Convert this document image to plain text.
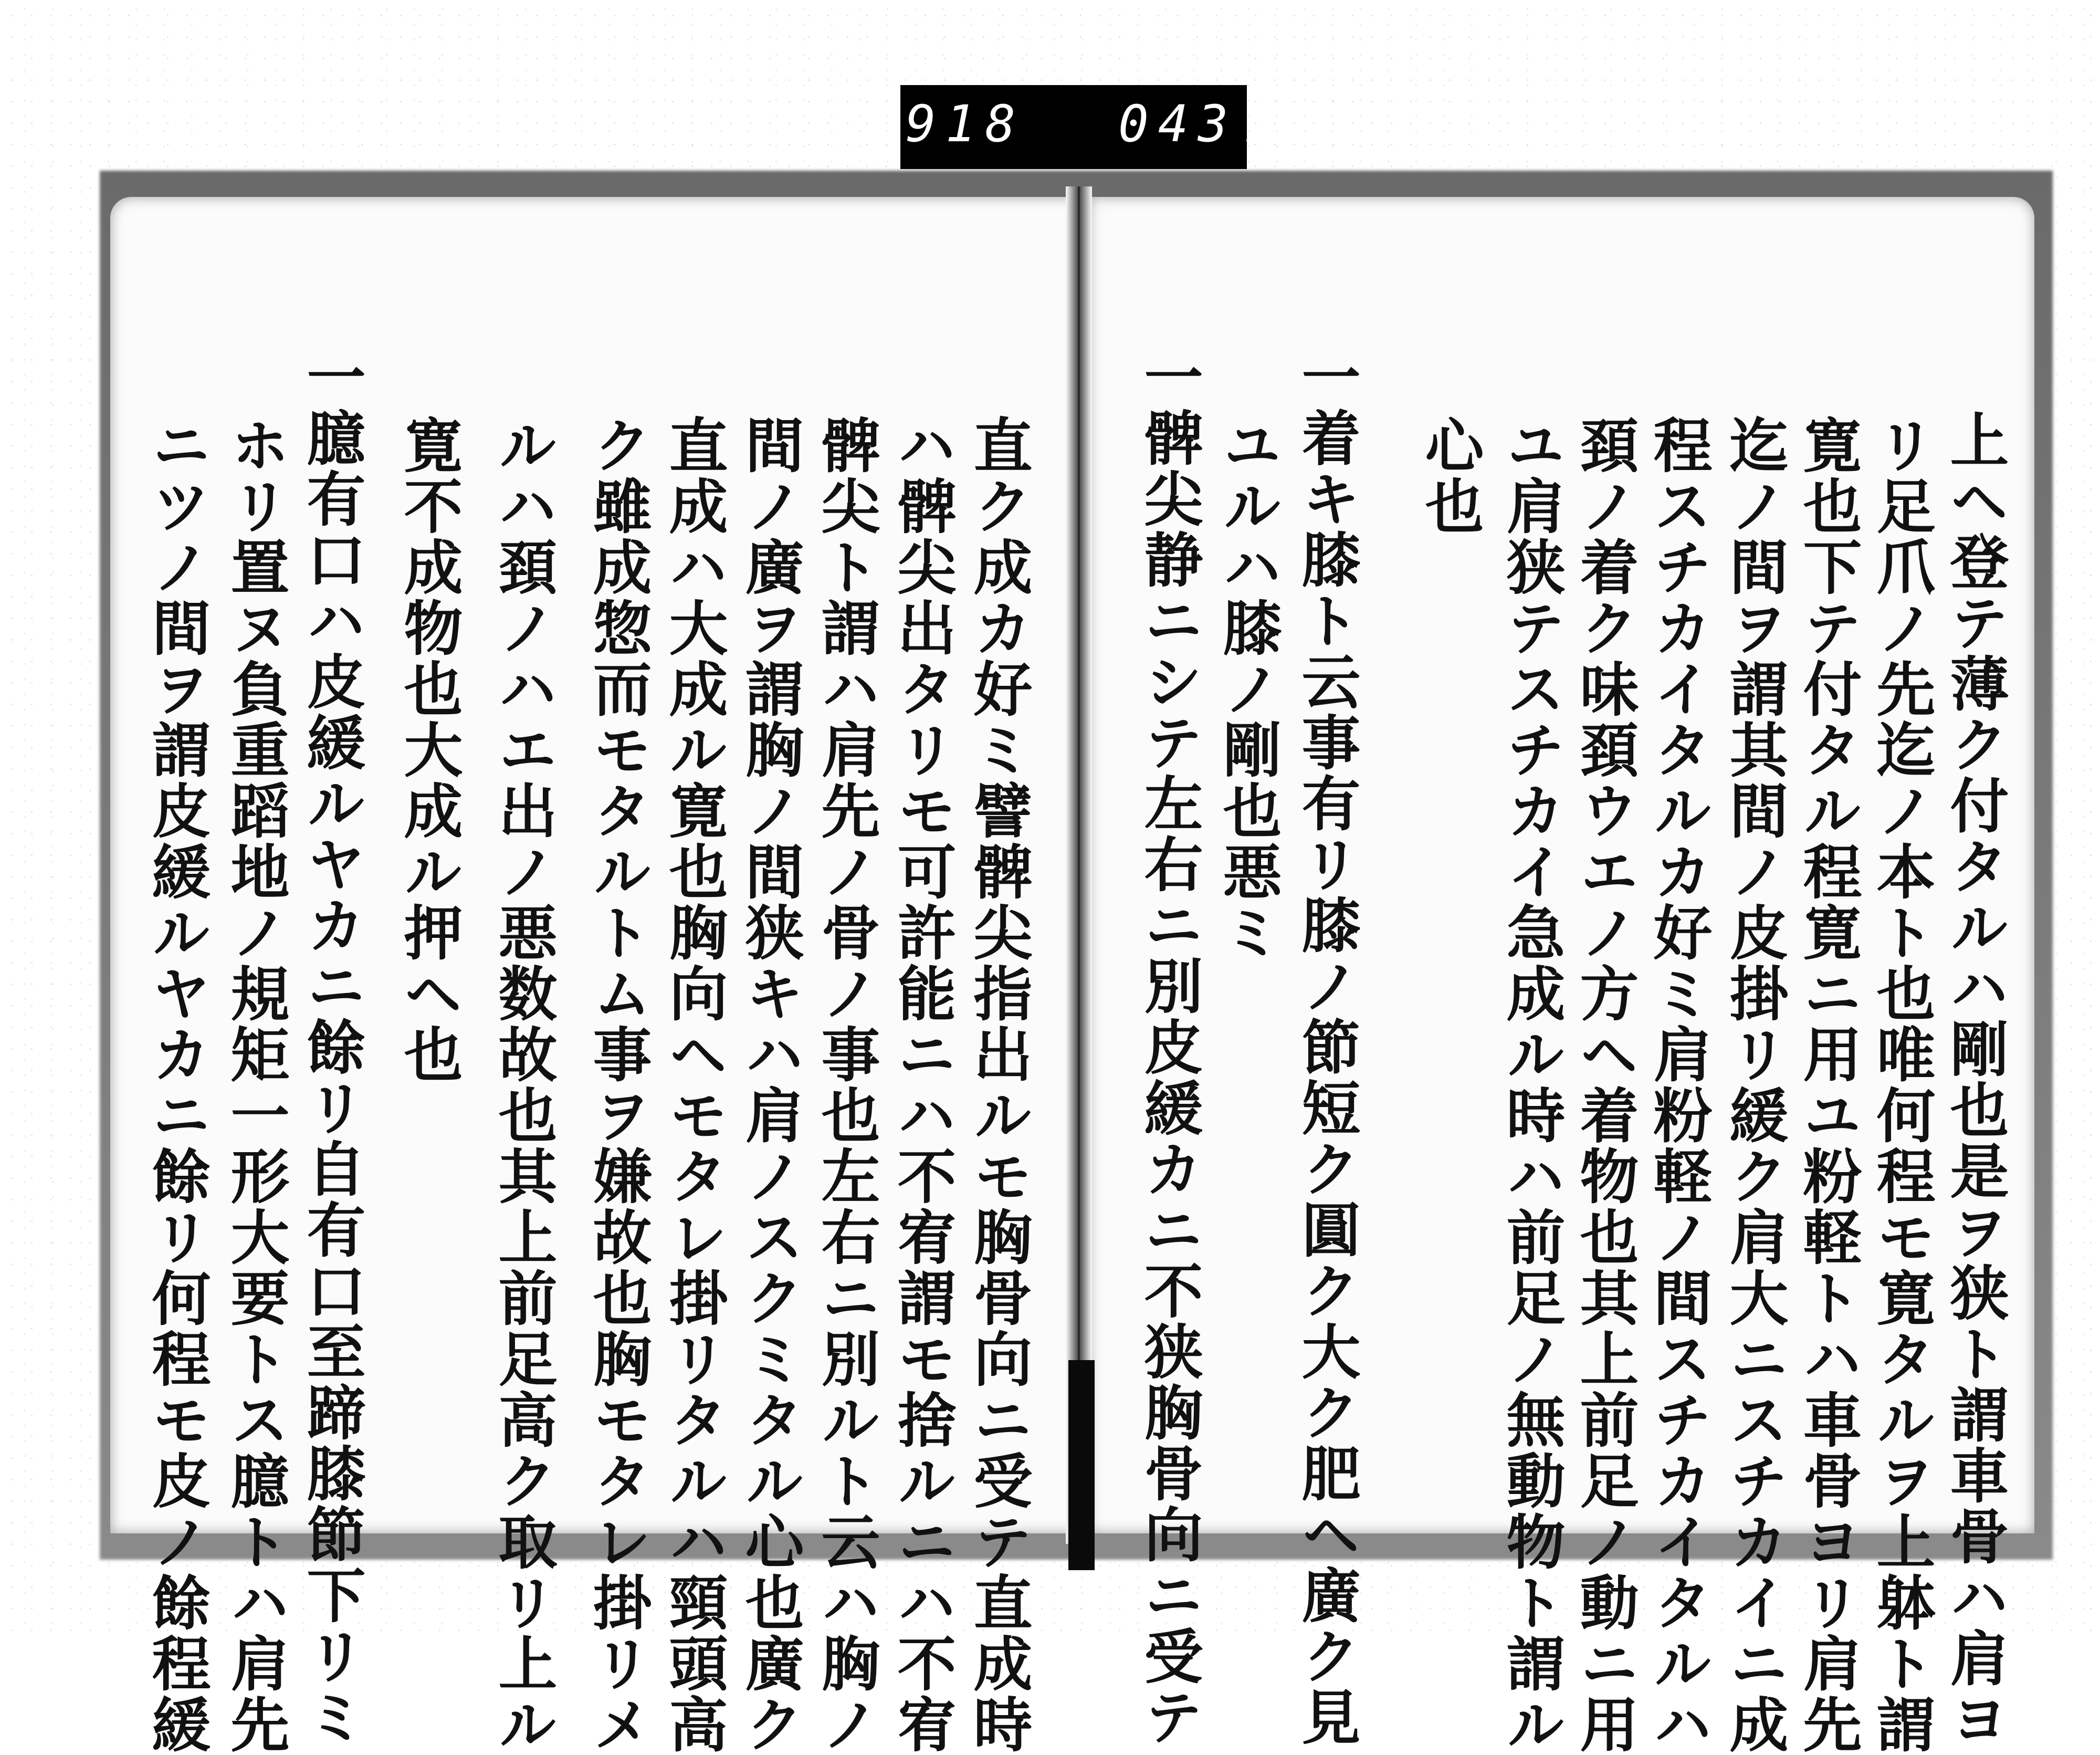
918 043.
上ヘ登テ薄ク付タルハ剛也是ヲ狭ト謂車骨ハ肩ヨ
リ足爪ノ先迄ノ本ト也唯何程モ寛タルヲ上躰ト謂
寛也下テ付タル程寛ニ用ユ粉軽トハ車骨ヨリ肩先
迄ノ間ヲ謂其間ノ皮掛リ緩ク肩大ニスチカイニ成
程スチカイタルカ好ミ肩粉軽ノ間スチカイタルハ
頚ノ着ク味頚ウエノ方ヘ着物也其上前足ノ動ニ用
ユ肩狭テスチカイ急成ル時ハ前足ノ無動物ト謂ル
心也
一着キ膝ト云事有リ膝ノ節短ク圓ク大ク肥ヘ廣ク見
ユルハ膝ノ剛也悪ミ
一髀尖静ニシテ左右ニ別皮緩カニ不狭胸骨向ニ受テ
直ク成カ好ミ譬髀尖指出ルモ胸骨向ニ受テ直成時
ハ髀尖出タリモ可許能ニハ不宥謂モ捨ルニハ不宥
髀尖ト謂ハ肩先ノ骨ノ事也左右ニ別ルト云ハ胸ノ
間ノ廣ヲ謂胸ノ間狭キハ肩ノスクミタル心也廣ク
直成ハ大成ル寛也胸向ヘモタレ掛リタルハ頸頭高
ク雖成惣而モタルトム事ヲ嫌故也胸モタレ掛リメ
ルハ頚ノハエ出ノ悪数故也其上前足高ク取リ上ル
寛不成物也大成ル押ヘ也
一臆有口ハ皮緩ルヤカニ餘リ自有口至蹄膝節下リミ
ホリ置ヌ負重蹈地ノ規矩一形大要トス臆トハ肩先
ニツノ間ヲ謂皮緩ルヤカニ餘リ何程モ皮ノ餘程緩
